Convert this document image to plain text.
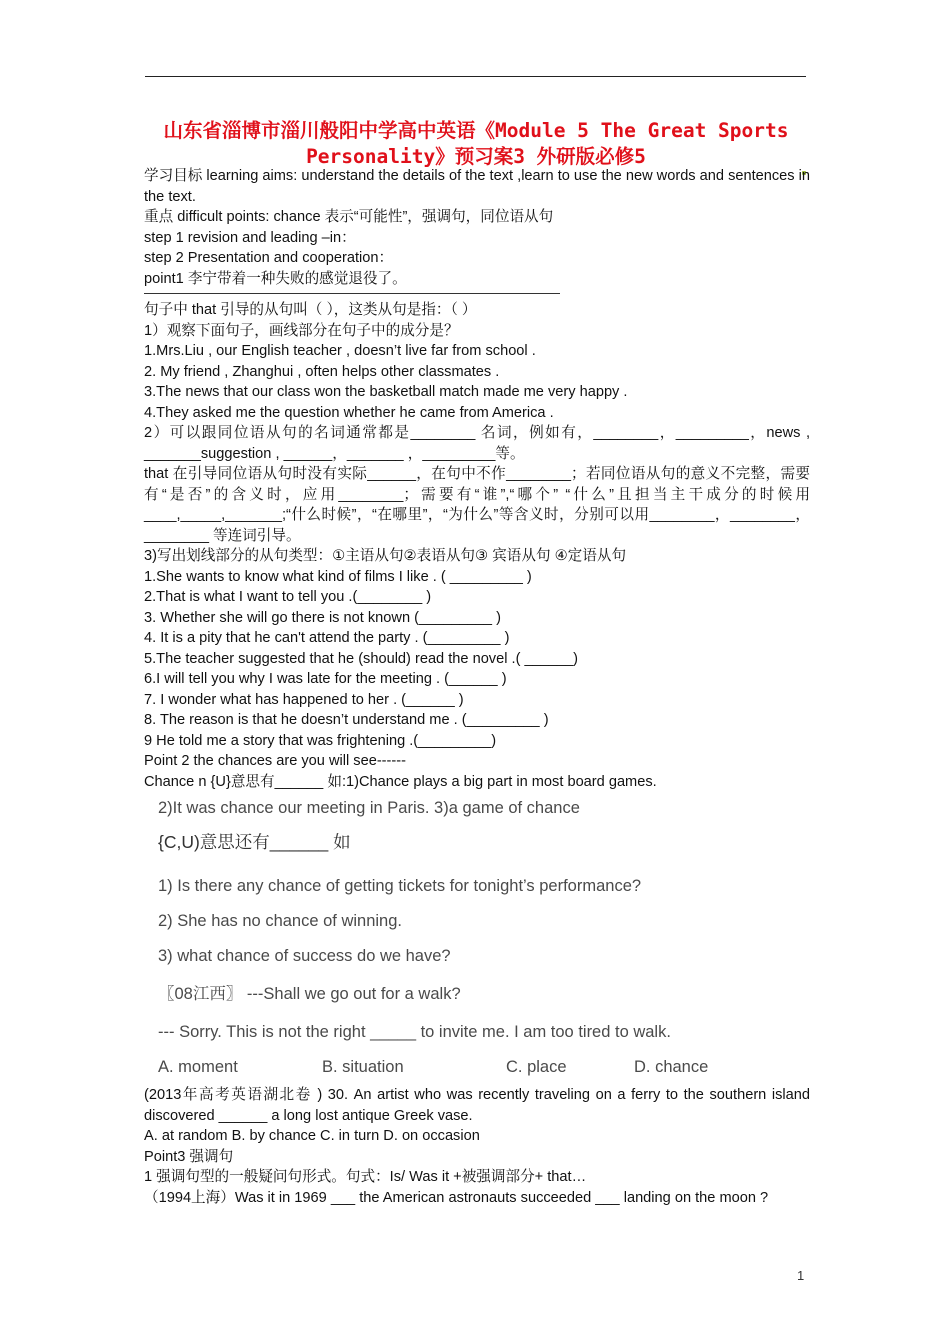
山东省淄博市淄川般阳中学高中英语《Module 5 The Great Sports
Personality》预习案3 外研版必修5
学习目标 learning aims: understand the details of the text ,learn to use the new words and sentences in the text.
重点 difficult points: chance 表示“可能性”，强调句，同位语从句
step 1 revision and leading –in：
step 2 Presentation and cooperation：
point1 李宁带着一种失败的感觉退役了。
句子中 that 引导的从句叫（ ），这类从句是指：（ ）
1）观察下面句子，画线部分在句子中的成分是？
1.Mrs.Liu , our English teacher , doesn’t live far from school .
2. My friend , Zhanghui , often helps other classmates .
3.The news that our class won the basketball match made me very happy .
4.They asked me the question whether he came from America .
2）可以跟同位语从句的名词通常都是________ 名词，例如有，________，_________，news , _______suggestion , ______，_______ ，_________等。
that 在引导同位语从句时没有实际______，在句中不作________；若同位语从句的意义不完整，需要有“是否”的含义时，应用________；需要有“谁”,“哪个” “什么”且担当主干成分的时候用 ____,_____,_______;“什么时候”，“在哪里”，“为什么”等含义时，分别可以用________，________，________ 等连词引导。
3)写出划线部分的从句类型：①主语从句②表语从句③ 宾语从句 ④定语从句
1.She wants to know what kind of films I like . ( _________ )
2.That is what I want to tell you .(________ )
3. Whether she will go there is not known (_________ )
4. It is a pity that he can't attend the party . (_________ )
5.The teacher suggested that he (should) read the novel .( ______)
6.I will tell you why I was late for the meeting . (______ )
7. I wonder what has happened to her . (______ )
8. The reason is that he doesn’t understand me . (_________ )
9 He told me a story that was frightening .(_________)
Point 2 the chances are you will see------
Chance n {U}意思有______ 如:1)Chance plays a big part in most board games.
2)It was chance our meeting in Paris. 3)a game of chance
{C,U)意思还有______ 如
1) Is there any chance of getting tickets for tonight’s performance?
2) She has no chance of winning.
3) what chance of success do we have?
〖08江西〗 ---Shall we go out for a walk?
--- Sorry. This is not the right _____ to invite me. I am too tired to walk.
A. moment	B. situation	C. place	D. chance
(2013年高考英语湖北卷 ) 30. An artist who was recently traveling on a ferry to the southern island discovered ______ a long lost antique Greek vase.
A. at random B. by chance C. in turn D. on occasion
Point3 强调句
1 强调句型的一般疑问句形式。句式：Is/ Was it +被强调部分+ that…
（1994上海）Was it in 1969 ___ the American astronauts succeeded ___ landing on the moon ?
1
